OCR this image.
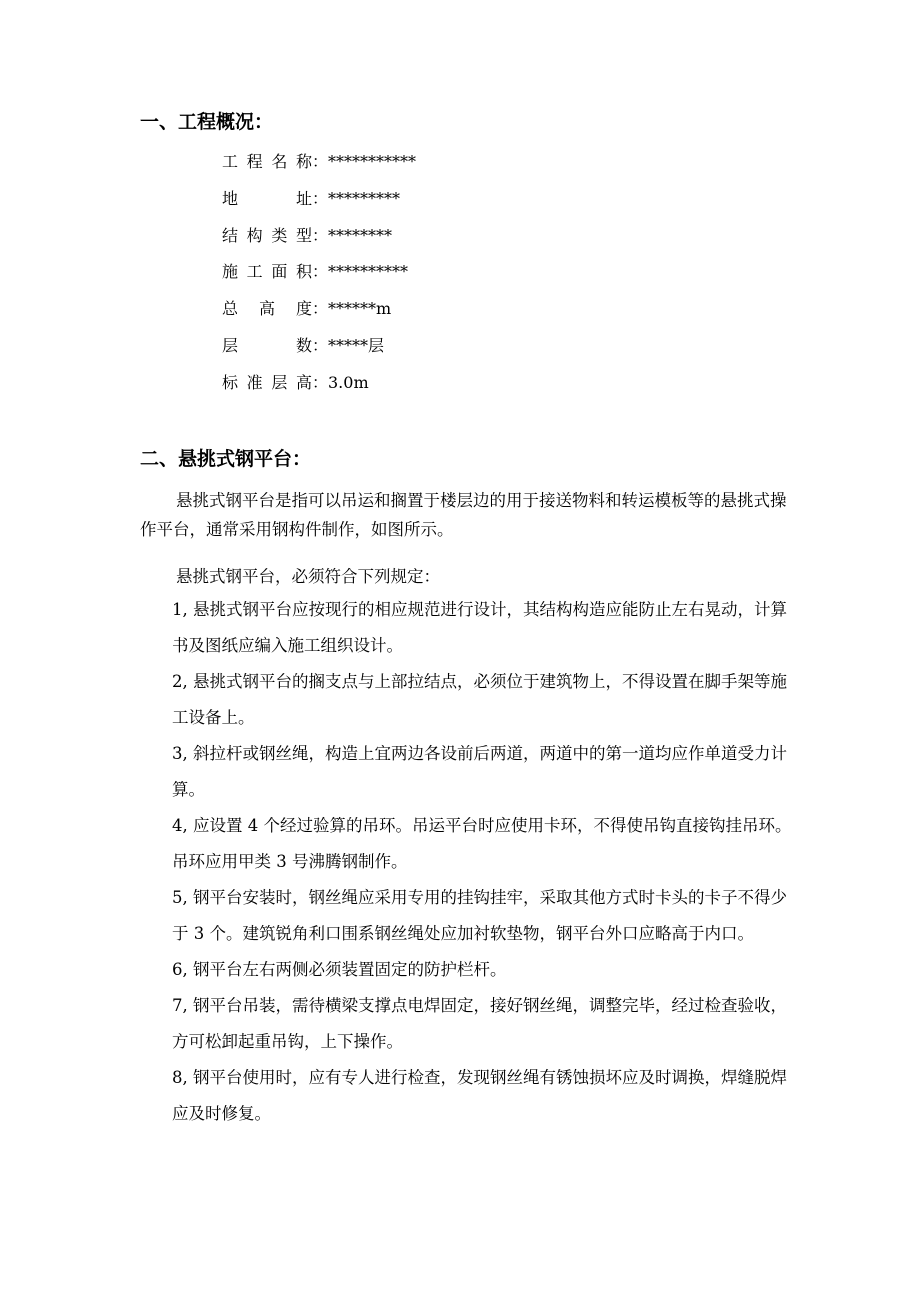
一、工程概况：
工程名称：***********
地址：*********
结构类型：********
施工面积：**********
总高度：******m
层数：*****层
标准层高：3.0m
二、悬挑式钢平台：

悬挑式钢平台是指可以吊运和搁置于楼层边的用于接送物料和转运模板等的悬挑式操作平台，通常采用钢构件制作，如图所示。

悬挑式钢平台，必须符合下列规定：

1, 悬挑式钢平台应按现行的相应规范进行设计，其结构构造应能防止左右晃动，计算书及图纸应编入施工组织设计。
2, 悬挑式钢平台的搁支点与上部拉结点，必须位于建筑物上，不得设置在脚手架等施工设备上。
3, 斜拉杆或钢丝绳，构造上宜两边各设前后两道，两道中的第一道均应作单道受力计算。
4, 应设置 4 个经过验算的吊环。吊运平台时应使用卡环，不得使吊钩直接钩挂吊环。吊环应用甲类 3 号沸腾钢制作。
5, 钢平台安装时，钢丝绳应采用专用的挂钩挂牢，采取其他方式时卡头的卡子不得少于 3 个。建筑锐角利口围系钢丝绳处应加衬软垫物，钢平台外口应略高于内口。
6, 钢平台左右两侧必须装置固定的防护栏杆。
7, 钢平台吊装，需待横梁支撑点电焊固定，接好钢丝绳，调整完毕，经过检查验收，方可松卸起重吊钩，上下操作。
8, 钢平台使用时，应有专人进行检查，发现钢丝绳有锈蚀损坏应及时调换，焊缝脱焊应及时修复。
